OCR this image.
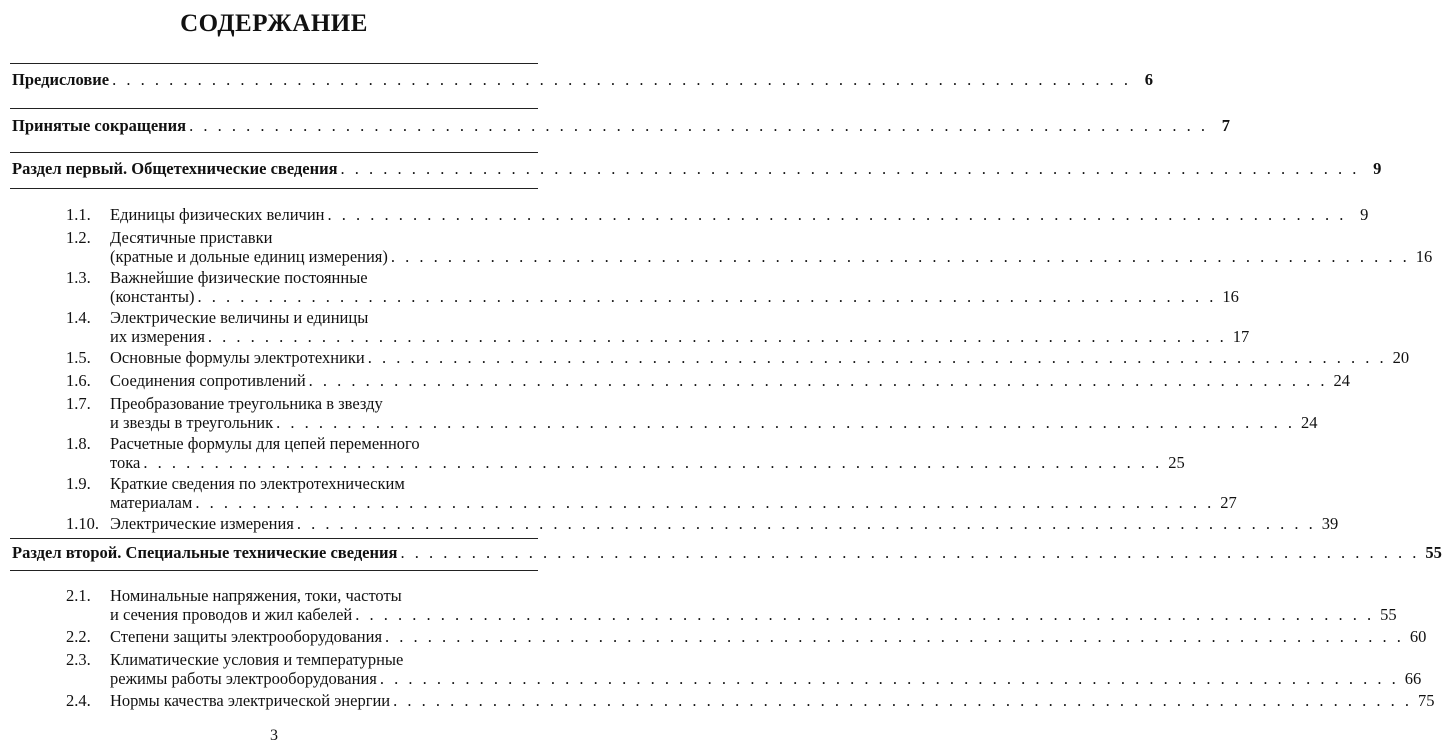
СОДЕРЖАНИЕ
Предисловие . . .	6
Принятые сокращения . . .	7
Раздел первый. Общетехнические сведения . . .	9
1.1.	Единицы физических величин . . .	9
1.2.	Десятичные приставки
(кратные и дольные единиц измерения) . . .	16
1.3.	Важнейшие физические постоянные
(константы) . . .	16
1.4.	Электрические величины и единицы
их измерения . . .	17
1.5.	Основные формулы электротехники . . .	20
1.6.	Соединения сопротивлений . . .	24
1.7.	Преобразование треугольника в звезду
и звезды в треугольник . . .	24
1.8.	Расчетные формулы для цепей переменного
тока . . .	25
1.9.	Краткие сведения по электротехническим
материалам . . .	27
1.10. Электрические измерения . . .	39
Раздел второй. Специальные технические сведения . . .	55
2.1.	Номинальные напряжения, токи, частоты
и сечения проводов и жил кабелей . . .	55
2.2.	Степени защиты электрооборудования . . .	60
2.3.	Климатические условия и температурные
режимы работы электрооборудования . . .	66
2.4.	Нормы качества электрической энергии . . .	75
3
